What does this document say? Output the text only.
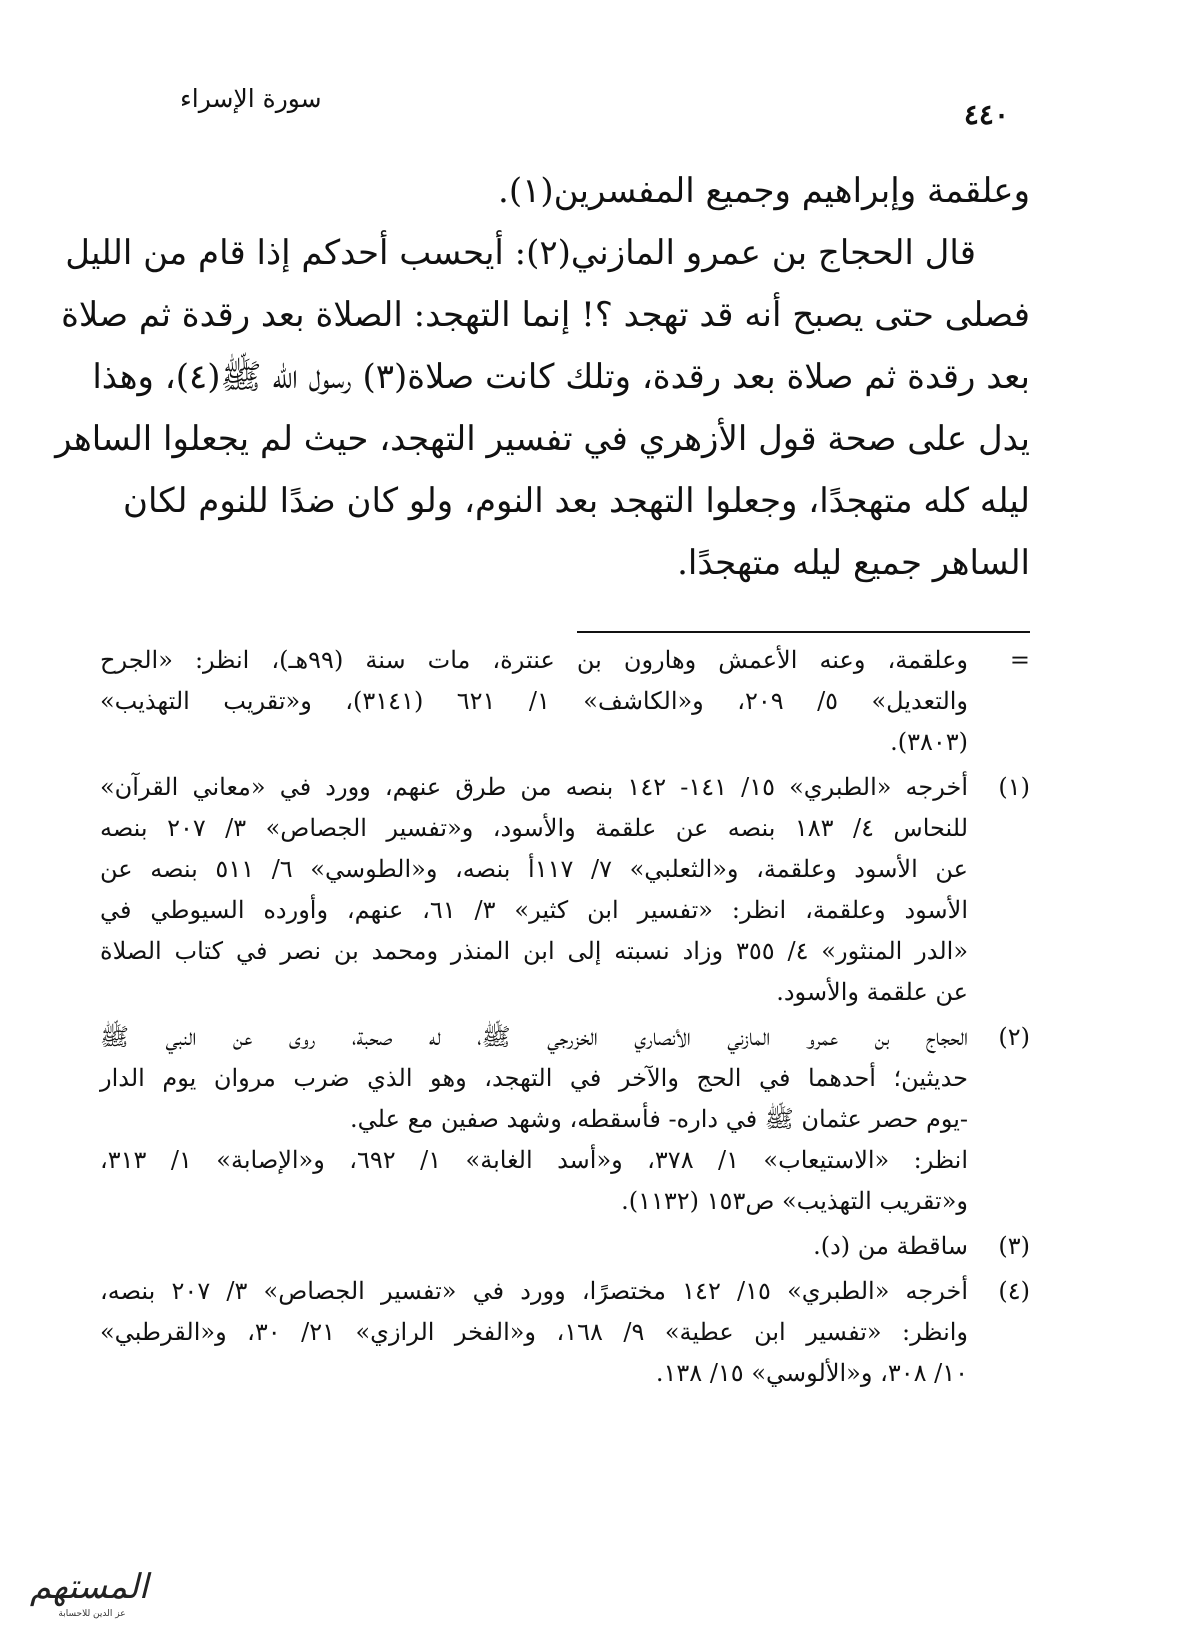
سورة الإسراء	٤٤٠
وعلقمة وإبراهيم وجميع المفسرين(١).
قال الحجاج بن عمرو المازني(٢): أيحسب أحدكم إذا قام من الليل
فصلى حتى يصبح أنه قد تهجد ؟! إنما التهجد: الصلاة بعد رقدة ثم صلاة
بعد رقدة ثم صلاة بعد رقدة، وتلك كانت صلاة(٣) رسول الله ﷺ(٤)، وهذا
يدل على صحة قول الأزهري في تفسير التهجد، حيث لم يجعلوا الساهر
ليله كله متهجدًا، وجعلوا التهجد بعد النوم، ولو كان ضدًا للنوم لكان
الساهر جميع ليله متهجدًا.
=
وعلقمة، وعنه الأعمش وهارون بن عنترة، مات سنة (٩٩هـ)، انظر: «الجرح
والتعديل» ٥/ ٢٠٩، و«الكاشف» ١/ ٦٢١ (٣١٤١)، و«تقريب التهذيب»
(٣٨٠٣).
(١)
أخرجه «الطبري» ١٥/ ١٤١- ١٤٢ بنصه من طرق عنهم، وورد في «معاني القرآن»
للنحاس ٤/ ١٨٣ بنصه عن علقمة والأسود، و«تفسير الجصاص» ٣/ ٢٠٧ بنصه
عن الأسود وعلقمة، و«الثعلبي» ٧/ ١١٧أ بنصه، و«الطوسي» ٦/ ٥١١ بنصه عن
الأسود وعلقمة، انظر: «تفسير ابن كثير» ٣/ ٦١، عنهم، وأورده السيوطي في
«الدر المنثور» ٤/ ٣٥٥ وزاد نسبته إلى ابن المنذر ومحمد بن نصر في كتاب الصلاة
عن علقمة والأسود.
(٢)
الحجاج بن عمرو المازني الأنصاري الخزرجي ﷺ، له صحبة، روى عن النبي ﷺ
حديثين؛ أحدهما في الحج والآخر في التهجد، وهو الذي ضرب مروان يوم الدار
-يوم حصر عثمان ﷺ في داره- فأسقطه، وشهد صفين مع علي.
انظر: «الاستيعاب» ١/ ٣٧٨، و«أسد الغابة» ١/ ٦٩٢، و«الإصابة» ١/ ٣١٣،
و«تقريب التهذيب» ص١٥٣ (١١٣٢).
(٣)
ساقطة من (د).
(٤)
أخرجه «الطبري» ١٥/ ١٤٢ مختصرًا، وورد في «تفسير الجصاص» ٣/ ٢٠٧ بنصه،
وانظر: «تفسير ابن عطية» ٩/ ١٦٨، و«الفخر الرازي» ٢١/ ٣٠، و«القرطبي»
١٠/ ٣٠٨، و«الألوسي» ١٥/ ١٣٨.
المستهم
عز الدين للاحسابة
